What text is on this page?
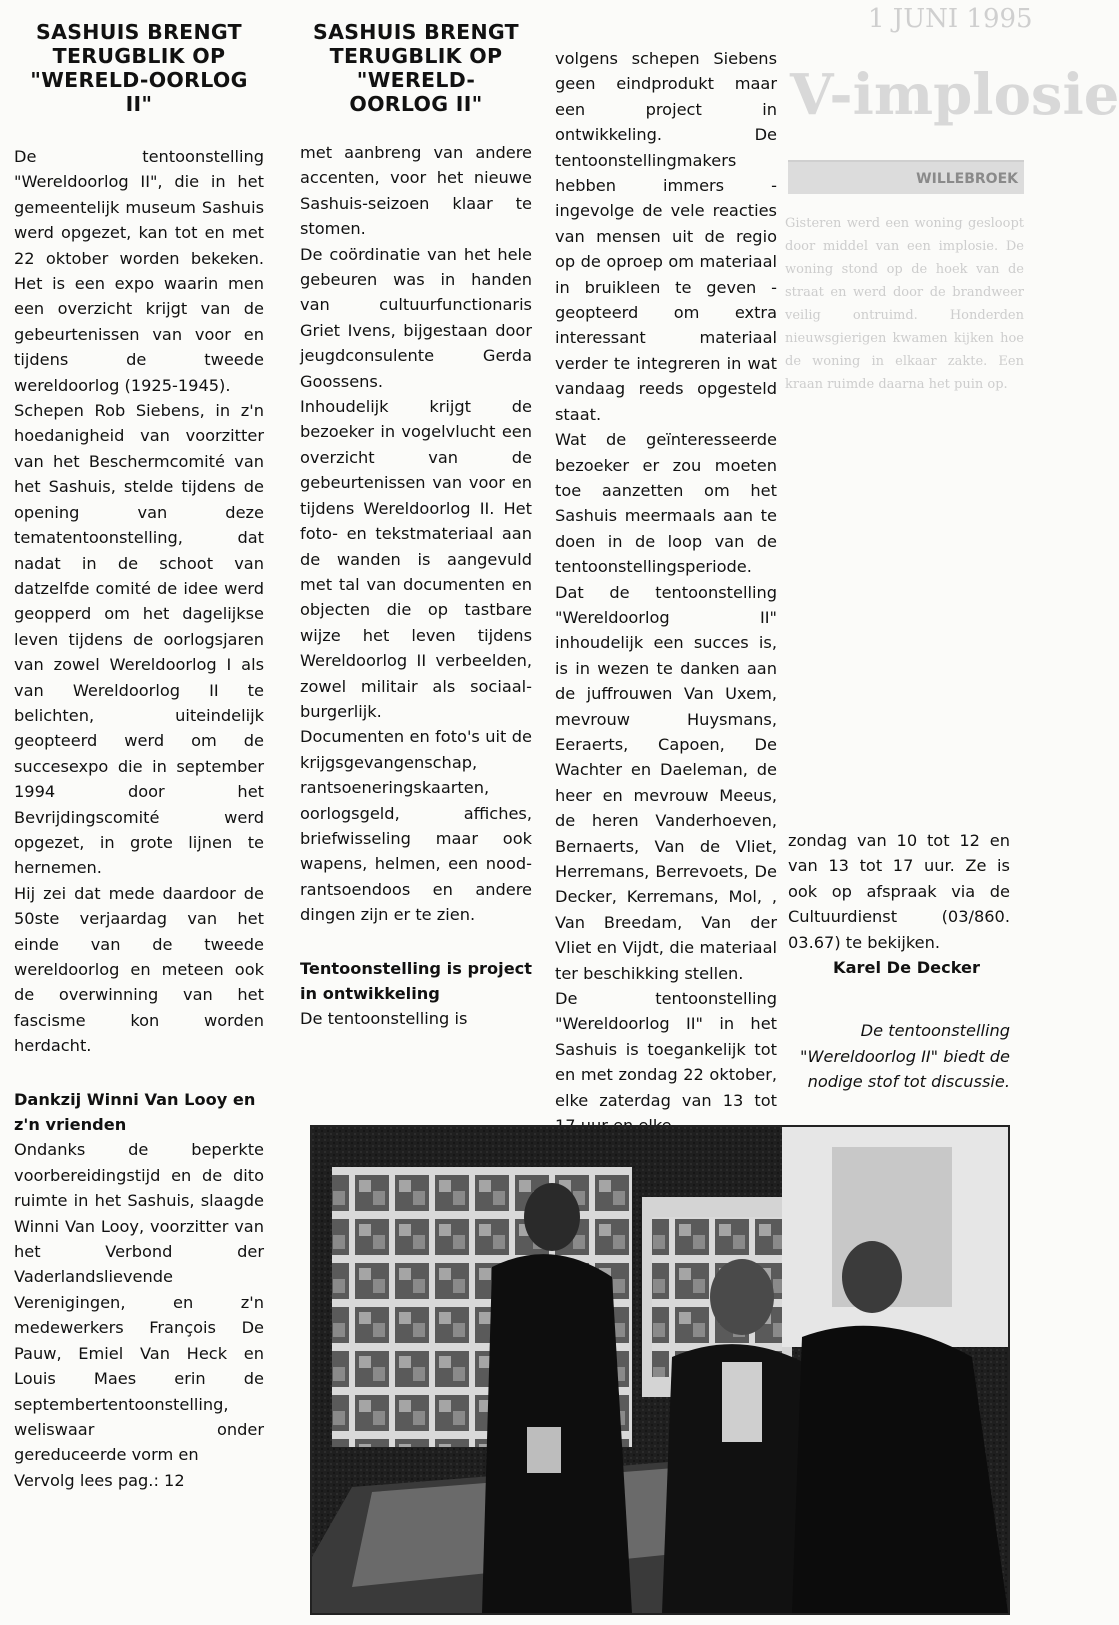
1 JUNI 1995
V-implosie
WILLEBROEK
Gisteren werd een woning gesloopt door middel van een implosie. De woning stond op de hoek van de straat en werd door de brandweer veilig ontruimd. Honderden nieuwsgierigen kwamen kijken hoe de woning in elkaar zakte. Een kraan ruimde daarna het puin op.
SASHUIS BRENGT TERUGBLIK OP "WERELD-OORLOG II"

De tentoonstelling "Wereldoorlog II", die in het gemeentelijk museum Sashuis werd opgezet, kan tot en met 22 oktober worden bekeken. Het is een expo waarin men een overzicht krijgt van de gebeurtenissen van voor en tijdens de tweede wereldoorlog (1925-1945).

Schepen Rob Siebens, in z'n hoedanigheid van voorzitter van het Beschermcomité van het Sashuis, stelde tijdens de opening van deze tematentoonstelling, dat nadat in de schoot van datzelfde comité de idee werd geopperd om het dagelijkse leven tijdens de oorlogsjaren van zowel Wereldoorlog I als van Wereldoorlog II te belichten, uiteindelijk geopteerd werd om de succesexpo die in september 1994 door het Bevrijdingscomité werd opgezet, in grote lijnen te hernemen.

Hij zei dat mede daardoor de 50ste verjaardag van het einde van de tweede wereldoorlog en meteen ook de overwinning van het fascisme kon worden herdacht.

Dankzij Winni Van Looy en z'n vrienden

Ondanks de beperkte voorbereidingstijd en de dito ruimte in het Sashuis, slaagde Winni Van Looy, voorzitter van het Verbond der Vaderlandslievende Verenigingen, en z'n medewerkers François De Pauw, Emiel Van Heck en Louis Maes erin de septembertentoonstelling, weliswaar onder gereduceerde vorm en

Vervolg lees pag.: 12

SASHUIS BRENGT TERUGBLIK OP "WERELD-OORLOG II"

met aanbreng van andere accenten, voor het nieuwe Sashuis-seizoen klaar te stomen.

De coördinatie van het hele gebeuren was in handen van cultuurfunctionaris Griet Ivens, bijgestaan door jeugdconsulente Gerda Goossens.

Inhoudelijk krijgt de bezoeker in vogelvlucht een overzicht van de gebeurtenissen van voor en tijdens Wereldoorlog II. Het foto- en tekstmateriaal aan de wanden is aangevuld met tal van documenten en objecten die op tastbare wijze het leven tijdens Wereldoorlog II verbeelden, zowel militair als sociaal-burgerlijk.

Documenten en foto's uit de krijgsgevangenschap, rantsoeneringskaarten, oorlogsgeld, affiches, briefwisseling maar ook wapens, helmen, een nood-rantsoendoos en andere dingen zijn er te zien.

Tentoonstelling is project in ontwikkeling

De tentoonstelling is

volgens schepen Siebens geen eindprodukt maar een project in ontwikkeling. De tentoonstellingmakers hebben immers - ingevolge de vele reacties van mensen uit de regio op de oproep om materiaal in bruikleen te geven - geopteerd om extra interessant materiaal verder te integreren in wat vandaag reeds opgesteld staat.

Wat de geïnteresseerde bezoeker er zou moeten toe aanzetten om het Sashuis meermaals aan te doen in de loop van de tentoonstellingsperiode.

Dat de tentoonstelling "Wereldoorlog II" inhoudelijk een succes is, is in wezen te danken aan de juffrouwen Van Uxem, mevrouw Huysmans, Eeraerts, Capoen, De Wachter en Daeleman, de heer en mevrouw Meeus, de heren Vanderhoeven, Bernaerts, Van de Vliet, Herremans, Berrevoets, De Decker, Kerremans, Mol, , Van Breedam, Van der Vliet en Vijdt, die materiaal ter beschikking stellen.

De tentoonstelling "Wereldoorlog II" in het Sashuis is toegankelijk tot en met zondag 22 oktober, elke zaterdag van 13 tot

zondag van 10 tot 12 en van 13 tot 17 uur. Ze is ook op afspraak via de Cultuurdienst (03/860. 03.67) te bekijken.

Karel De Decker

De tentoonstelling "Wereldoorlog II" biedt de nodige stof tot discussie.
